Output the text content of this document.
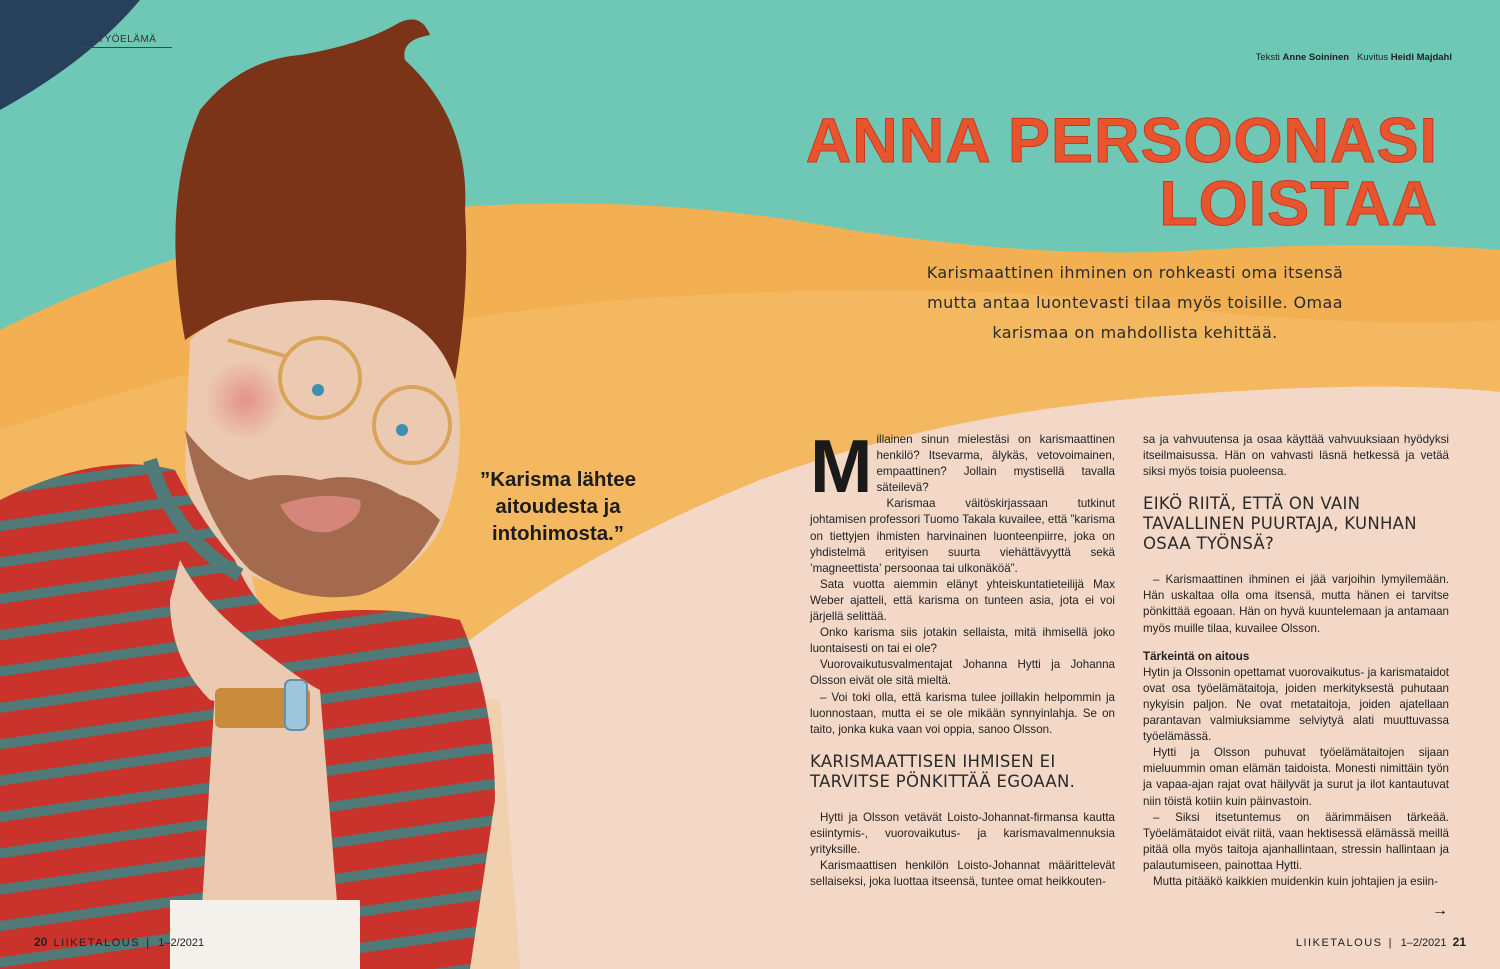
TYÖELÄMÄ
Teksti Anne Soininen Kuvitus Heidi Majdahl
ANNA PERSOONASI
LOISTAA
Karismaattinen ihminen on rohkeasti oma itsensä mutta antaa luontevasti tilaa myös toisille. Omaa karismaa on mahdollista kehittää.
”Karisma lähtee aitoudesta ja intohimosta.”
M illainen sinun mielestäsi on karismaattinen henkilö? Itsevarma, älykäs, vetovoimainen, empaattinen? Jollain mystisellä tavalla säteilevä?

Karismaa väitöskirjassaan tutkinut johtamisen professori Tuomo Takala kuvailee, että ”karisma on tiettyjen ihmisten harvinainen luonteenpiirre, joka on yhdistelmä erityisen suurta viehättävyyttä sekä ’magneettista’ persoonaa tai ulkonäköä”.

Sata vuotta aiemmin elänyt yhteiskuntatieteilijä Max Weber ajatteli, että karisma on tunteen asia, jota ei voi järjellä selittää.

Onko karisma siis jotakin sellaista, mitä ihmisellä joko luontaisesti on tai ei ole?

Vuorovaikutusvalmentajat Johanna Hytti ja Johanna Olsson eivät ole sitä mieltä.

– Voi toki olla, että karisma tulee joillakin helpommin ja luonnostaan, mutta ei se ole mikään synnyinlahja. Se on taito, jonka kuka vaan voi oppia, sanoo Olsson.

KARISMAATTISEN IHMISEN EI TARVITSE PÖNKITTÄÄ EGOAAN.

Hytti ja Olsson vetävät Loisto-Johannat-firmansa kautta esiintymis-, vuorovaikutus- ja karismavalmennuksia yrityksille.

Karismaattisen henkilön Loisto-Johannat määrittelevät sellaiseksi, joka luottaa itseensä, tuntee omat heikkouten-

sa ja vahvuutensa ja osaa käyttää vahvuuksiaan hyödyksi itseilmaisussa. Hän on vahvasti läsnä hetkessä ja vetää siksi myös toisia puoleensa.

EIKÖ RIITÄ, ETTÄ ON VAIN TAVALLINEN PUURTAJA, KUNHAN OSAA TYÖNSÄ?

– Karismaattinen ihminen ei jää varjoihin lymyilemään. Hän uskaltaa olla oma itsensä, mutta hänen ei tarvitse pönkittää egoaan. Hän on hyvä kuuntelemaan ja antamaan myös muille tilaa, kuvailee Olsson.

Tärkeintä on aitous

Hytin ja Olssonin opettamat vuorovaikutus- ja karismataidot ovat osa työelämätaitoja, joiden merkityksestä puhutaan nykyisin paljon. Ne ovat metataitoja, joiden ajatellaan parantavan valmiuksiamme selviytyä alati muuttuvassa työelämässä.

Hytti ja Olsson puhuvat työelämätaitojen sijaan mieluummin oman elämän taidoista. Monesti nimittäin työn ja vapaa-ajan rajat ovat häilyvät ja surut ja ilot kantautuvat niin töistä kotiin kuin päinvastoin.

– Siksi itsetuntemus on äärimmäisen tärkeää. Työelämätaidot eivät riitä, vaan hektisessä elämässä meillä pitää olla myös taitoja ajanhallintaan, stressin hallintaan ja palautumiseen, painottaa Hytti.

Mutta pitääkö kaikkien muidenkin kuin johtajien ja esiin-

→
20 LIIKETALOUS  |   1–2/2021	LIIKETALOUS  |   1–2/2021 21
